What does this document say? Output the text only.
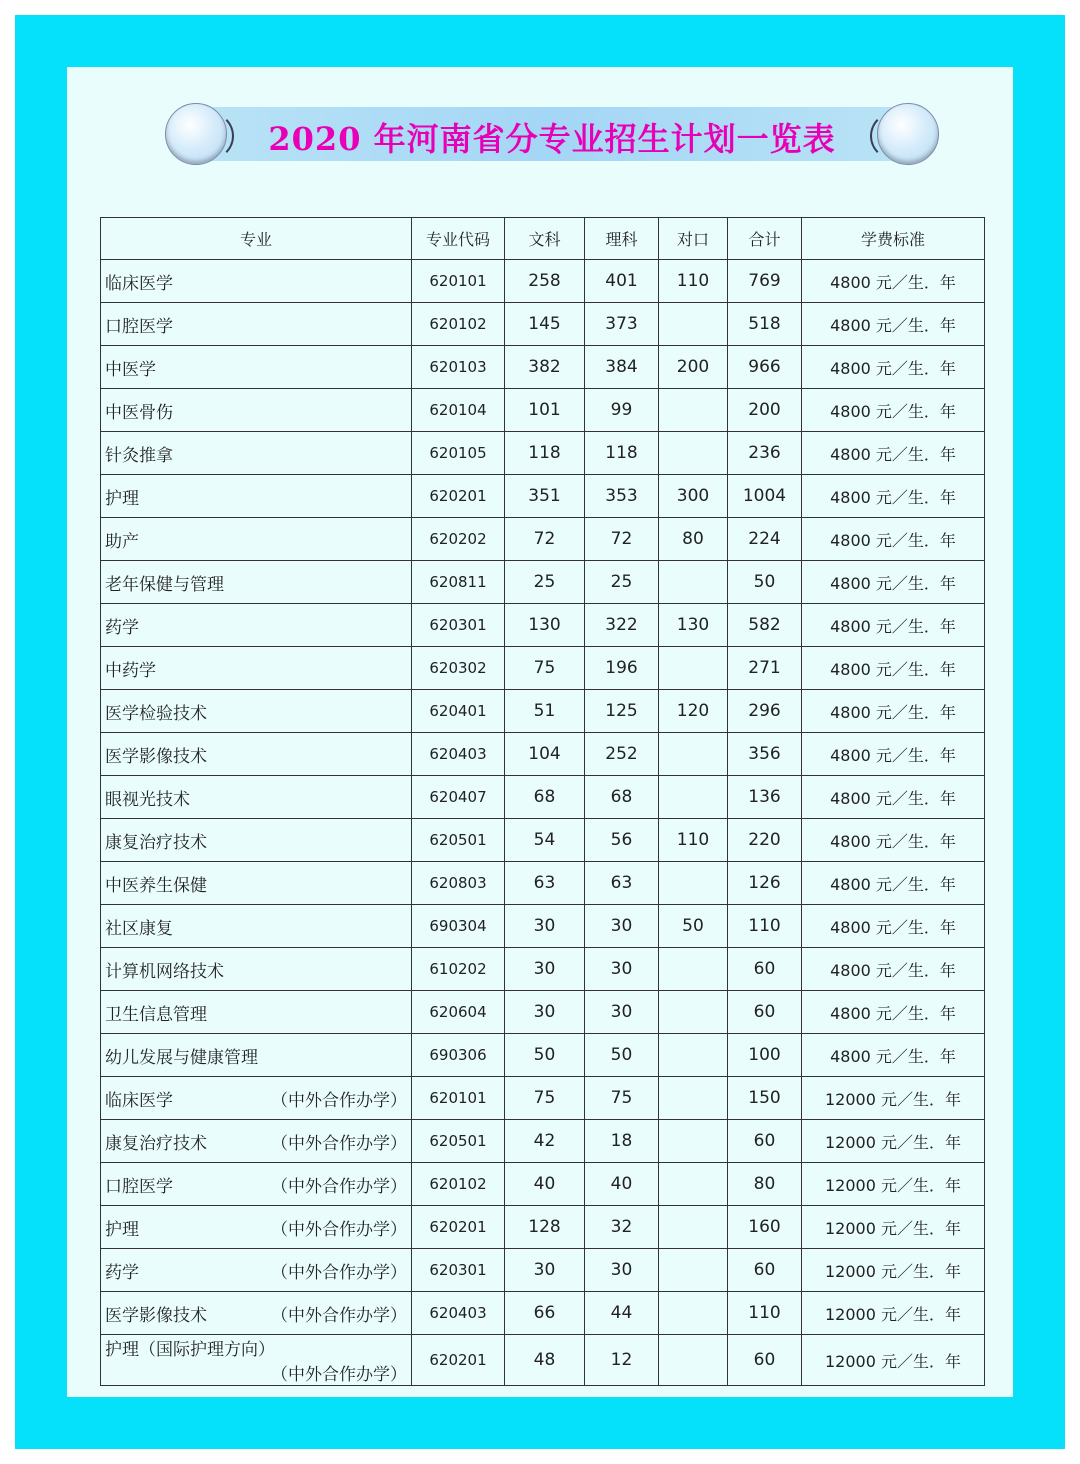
2020 年河南省分专业招生计划一览表
专业	专业代码	文科	理科	对口	合计	学费标准
临床医学	620101	258	401	110	769	4800 元／生．年
口腔医学	620102	145	373		518	4800 元／生．年
中医学	620103	382	384	200	966	4800 元／生．年
中医骨伤	620104	101	99		200	4800 元／生．年
针灸推拿	620105	118	118		236	4800 元／生．年
护理	620201	351	353	300	1004	4800 元／生．年
助产	620202	72	72	80	224	4800 元／生．年
老年保健与管理	620811	25	25		50	4800 元／生．年
药学	620301	130	322	130	582	4800 元／生．年
中药学	620302	75	196		271	4800 元／生．年
医学检验技术	620401	51	125	120	296	4800 元／生．年
医学影像技术	620403	104	252		356	4800 元／生．年
眼视光技术	620407	68	68		136	4800 元／生．年
康复治疗技术	620501	54	56	110	220	4800 元／生．年
中医养生保健	620803	63	63		126	4800 元／生．年
社区康复	690304	30	30	50	110	4800 元／生．年
计算机网络技术	610202	30	30		60	4800 元／生．年
卫生信息管理	620604	30	30		60	4800 元／生．年
幼儿发展与健康管理	690306	50	50		100	4800 元／生．年
临床医学 （中外合作办学）	620101	75	75		150	12000 元／生．年
康复治疗技术 （中外合作办学）	620501	42	18		60	12000 元／生．年
口腔医学 （中外合作办学）	620102	40	40		80	12000 元／生．年
护理 （中外合作办学）	620201	128	32		160	12000 元／生．年
药学 （中外合作办学）	620301	30	30		60	12000 元／生．年
医学影像技术 （中外合作办学）	620403	66	44		110	12000 元／生．年
护理（国际护理方向）
（中外合作办学）	620201	48	12		60	12000 元／生．年
